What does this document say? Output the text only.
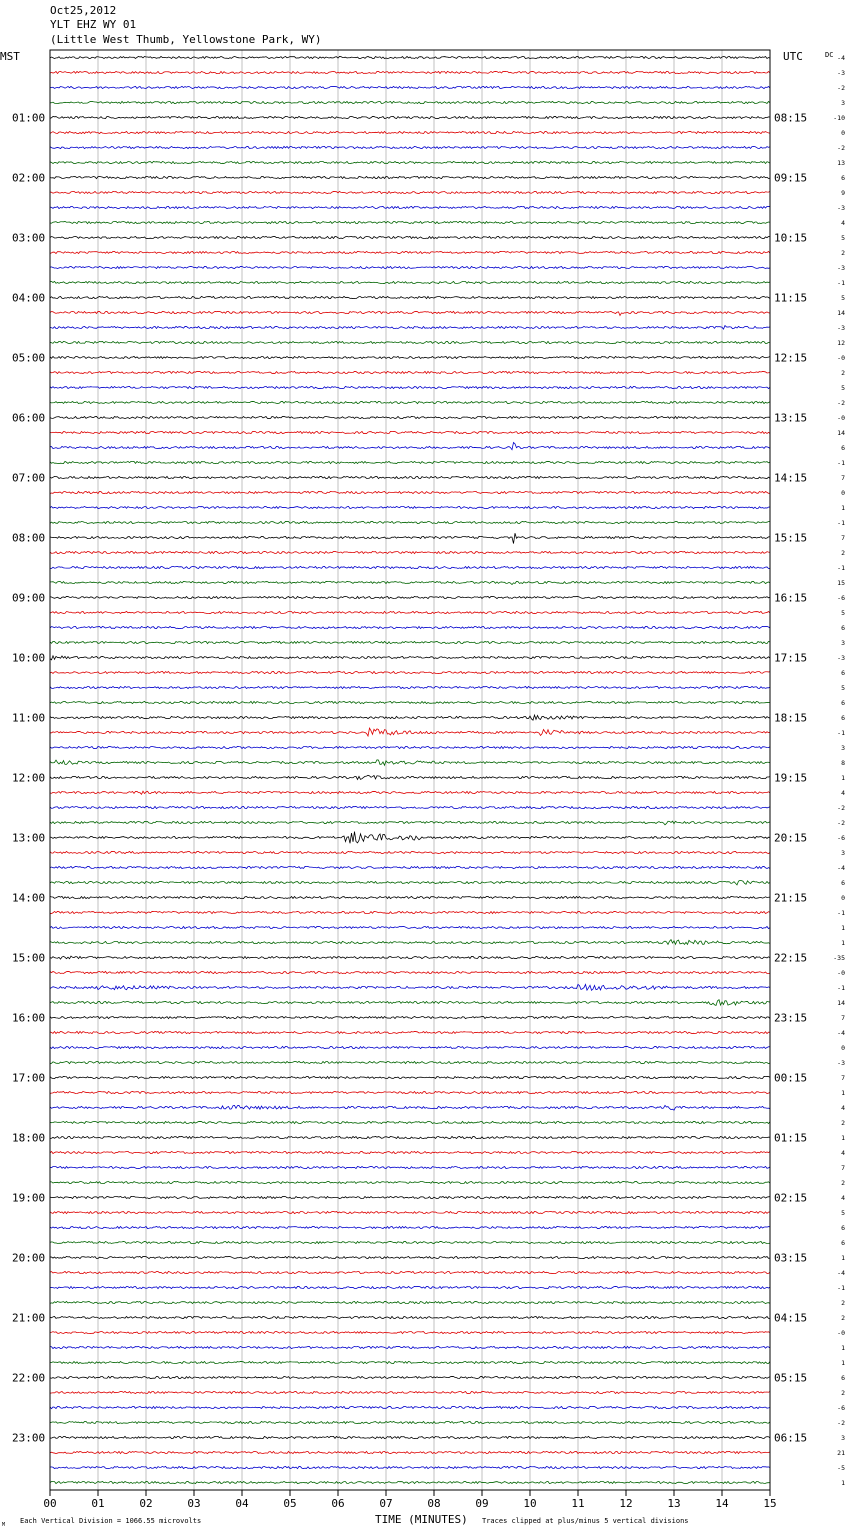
Oct25,2012
YLT EHZ WY 01
(Little West Thumb, Yellowstone Park, WY)
-4
-3
-2
3
-10
0
-2
13
6
9
-3
4
5
2
-3
-1
5
14
-3
12
-0
2
5
-2
-0
14
6
-1
7
0
1
-1
7
2
-1
15
-6
5
6
3
-3
6
5
6
6
-1
3
8
1
4
-2
-2
-6
3
-4
6
0
-1
1
1
-35
-0
-1
14
7
-4
0
-3
7
1
4
2
1
4
7
2
4
5
6
6
1
-4
-1
2
2
-0
1
1
6
2
-6
-2
3
21
-5
1
01:00
02:00
03:00
04:00
05:00
06:00
07:00
08:00
09:00
10:00
11:00
12:00
13:00
14:00
15:00
16:00
17:00
18:00
19:00
20:00
21:00
22:00
23:00
08:15
09:15
10:15
11:15
12:15
13:15
14:15
15:15
16:15
17:15
18:15
19:15
20:15
21:15
22:15
23:15
00:15
01:15
02:15
03:15
04:15
05:15
06:15
00	01	02	03	04	05	06	07	08	09	10	11	12	13	14	15
MST	UTC	DC
TIME (MINUTES)
Each Vertical Division = 1066.55 microvolts	Traces clipped at plus/minus 5 vertical divisions
M
